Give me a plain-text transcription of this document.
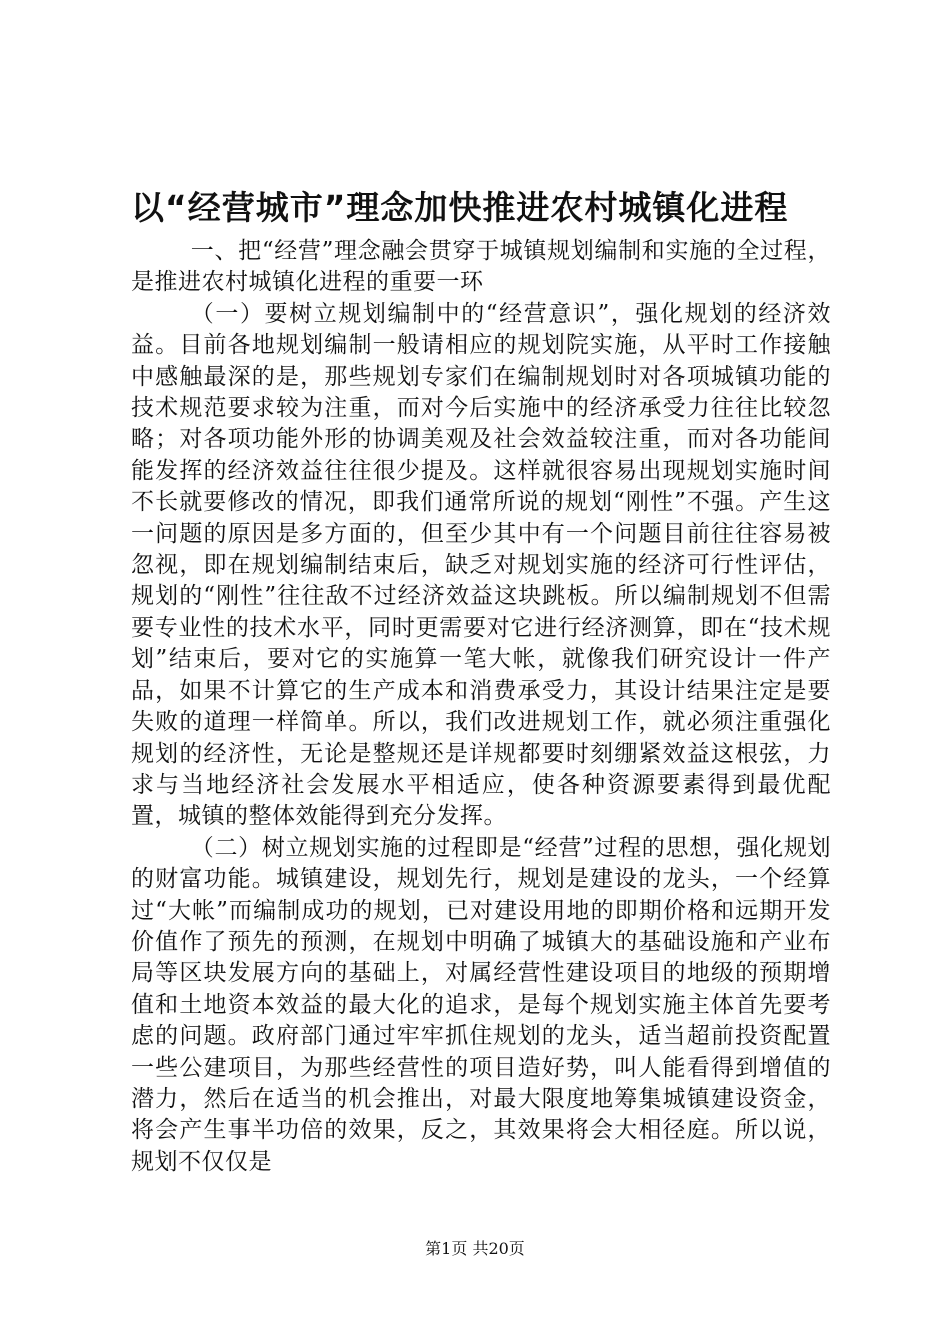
以“经营城市”理念加快推进农村城镇化进程

一、把“经营”理念融会贯穿于城镇规划编制和实施的全过程，是推进农村城镇化进程的重要一环

（一）要树立规划编制中的“经营意识”，强化规划的经济效益。目前各地规划编制一般请相应的规划院实施，从平时工作接触中感触最深的是，那些规划专家们在编制规划时对各项城镇功能的技术规范要求较为注重，而对今后实施中的经济承受力往往比较忽略；对各项功能外形的协调美观及社会效益较注重，而对各功能间能发挥的经济效益往往很少提及。这样就很容易出现规划实施时间不长就要修改的情况，即我们通常所说的规划“刚性”不强。产生这一问题的原因是多方面的，但至少其中有一个问题目前往往容易被忽视，即在规划编制结束后，缺乏对规划实施的经济可行性评估，规划的“刚性”往往敌不过经济效益这块跳板。所以编制规划不但需要专业性的技术水平，同时更需要对它进行经济测算，即在“技术规划”结束后，要对它的实施算一笔大帐，就像我们研究设计一件产品，如果不计算它的生产成本和消费承受力，其设计结果注定是要失败的道理一样简单。所以，我们改进规划工作，就必须注重强化规划的经济性，无论是整规还是详规都要时刻绷紧效益这根弦，力求与当地经济社会发展水平相适应，使各种资源要素得到最优配置，城镇的整体效能得到充分发挥。

（二）树立规划实施的过程即是“经营”过程的思想，强化规划的财富功能。城镇建设，规划先行，规划是建设的龙头，一个经算过“大帐”而编制成功的规划，已对建设用地的即期价格和远期开发价值作了预先的预测，在规划中明确了城镇大的基础设施和产业布局等区块发展方向的基础上，对属经营性建设项目的地级的预期增值和土地资本效益的最大化的追求，是每个规划实施主体首先要考虑的问题。政府部门通过牢牢抓住规划的龙头，适当超前投资配置一些公建项目，为那些经营性的项目造好势，叫人能看得到增值的潜力，然后在适当的机会推出，对最大限度地筹集城镇建设资金，将会产生事半功倍的效果，反之，其效果将会大相径庭。所以说，规划不仅仅是

第1页 共20页
